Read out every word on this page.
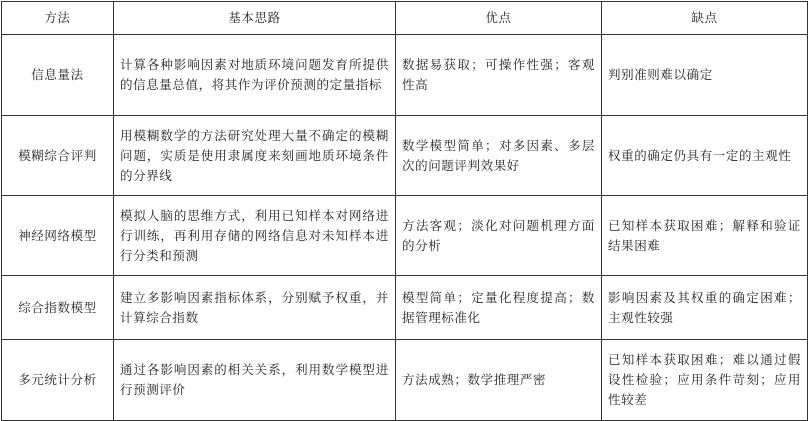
方法	基本思路	优点	缺点
信息量法	计算各种影响因素对地质环境问题发育所提供的信息量总值，将其作为评价预测的定量指标	数据易获取；可操作性强；客观性高	判别准则难以确定
模糊综合评判	用模糊数学的方法研究处理大量不确定的模糊问题，实质是使用隶属度来刻画地质环境条件的分界线	数学模型简单；对多因素、多层次的问题评判效果好	权重的确定仍具有一定的主观性
神经网络模型	模拟人脑的思维方式，利用已知样本对网络进行训练，再利用存储的网络信息对未知样本进行分类和预测	方法客观；淡化对问题机理方面的分析	已知样本获取困难；解释和验证结果困难
综合指数模型	建立多影响因素指标体系，分别赋予权重，并计算综合指数	模型简单；定量化程度提高；数据管理标准化	影响因素及其权重的确定困难；主观性较强
多元统计分析	通过各影响因素的相关关系，利用数学模型进行预测评价	方法成熟；数学推理严密	已知样本获取困难；难以通过假设性检验；应用条件苛刻；应用性较差
